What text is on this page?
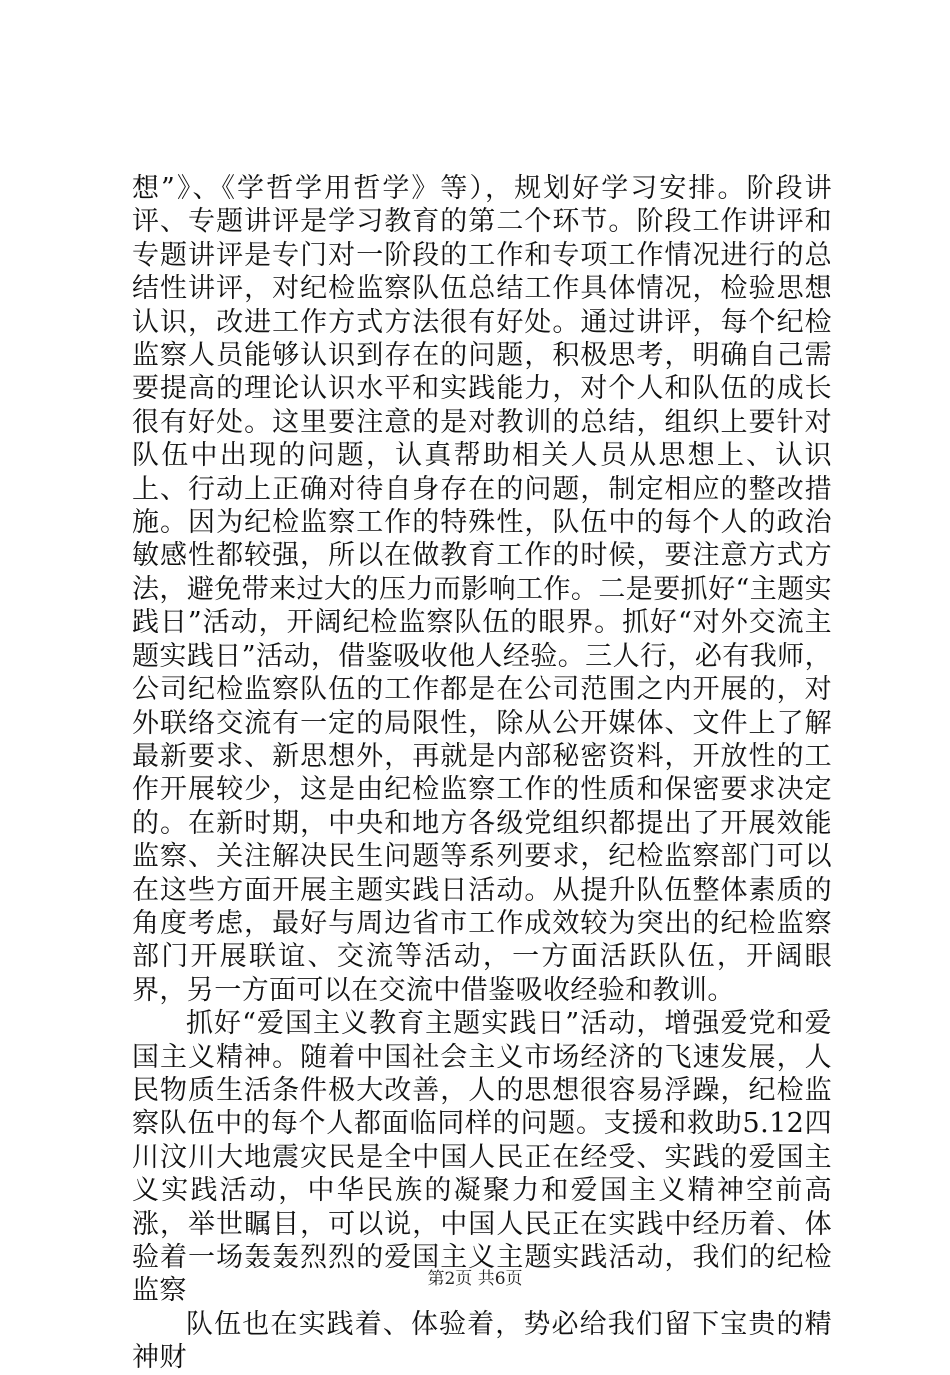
想”》、《学哲学用哲学》等），规划好学习安排。阶段讲评、专题讲评是学习教育的第二个环节。阶段工作讲评和专题讲评是专门对一阶段的工作和专项工作情况进行的总结性讲评，对纪检监察队伍总结工作具体情况，检验思想认识，改进工作方式方法很有好处。通过讲评，每个纪检监察人员能够认识到存在的问题，积极思考，明确自己需要提高的理论认识水平和实践能力，对个人和队伍的成长很有好处。这里要注意的是对教训的总结，组织上要针对队伍中出现的问题，认真帮助相关人员从思想上、认识上、行动上正确对待自身存在的问题，制定相应的整改措施。因为纪检监察工作的特殊性，队伍中的每个人的政治敏感性都较强，所以在做教育工作的时候，要注意方式方法，避免带来过大的压力而影响工作。二是要抓好“主题实践日”活动，开阔纪检监察队伍的眼界。抓好“对外交流主题实践日”活动，借鉴吸收他人经验。三人行，必有我师，公司纪检监察队伍的工作都是在公司范围之内开展的，对外联络交流有一定的局限性，除从公开媒体、文件上了解最新要求、新思想外，再就是内部秘密资料，开放性的工作开展较少，这是由纪检监察工作的性质和保密要求决定的。在新时期，中央和地方各级党组织都提出了开展效能监察、关注解决民生问题等系列要求，纪检监察部门可以在这些方面开展主题实践日活动。从提升队伍整体素质的角度考虑，最好与周边省市工作成效较为突出的纪检监察部门开展联谊、交流等活动，一方面活跃队伍，开阔眼界，另一方面可以在交流中借鉴吸收经验和教训。

抓好“爱国主义教育主题实践日”活动，增强爱党和爱国主义精神。随着中国社会主义市场经济的飞速发展，人民物质生活条件极大改善，人的思想很容易浮躁，纪检监察队伍中的每个人都面临同样的问题。支援和救助5.12四川汶川大地震灾民是全中国人民正在经受、实践的爱国主义实践活动，中华民族的凝聚力和爱国主义精神空前高涨，举世瞩目，可以说，中国人民正在实践中经历着、体验着一场轰轰烈烈的爱国主义主题实践活动，我们的纪检监察

队伍也在实践着、体验着，势必给我们留下宝贵的精神财

第2页 共6页
